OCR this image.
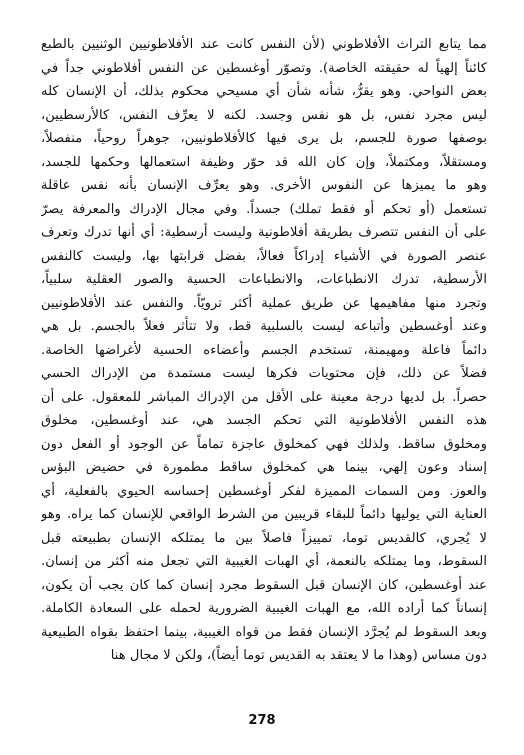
مما يتابع التراث الأفلاطوني (لأن النفس كانت عند الأفلاطونيين الوثنيين بالطبع
كائناً إلهياً له حقيقته الخاصة). وتصوّر أوغسطين عن النفس أفلاطوني جداً في
بعض النواحي. وهو يقرُّ، شأنه شأن أي مسيحي محكوم بذلك، أن الإنسان كله
ليس مجرد نفس، بل هو نفس وجسد. لكنه لا يعرِّف النفس، كالأرسطيين،
بوصفها صورة للجسم، بل يرى فيها كالأفلاطونيين، جوهراً روحياً، منفصلاً،
ومستقلاً، ومكتملاً، وإن كان الله قد حوّر وظيفة استعمالها وحكمها للجسد،
وهو ما يميزها عن النفوس الأخرى. وهو يعرِّف الإنسان بأنه نفس عاقلة
تستعمل (أو تحكم أو فقط تملك) جسداً. وفي مجال الإدراك والمعرفة يصرّ
على أن النفس تتصرف بطريقة أفلاطونية وليست أرسطية: أي أنها تدرك وتعرف
عنصر الصورة في الأشياء إدراكاً فعالاً، بفضل قرابتها بها، وليست كالنفس
الأرسطية، تدرك الانطباعات، والانطباعات الحسية والصور العقلية سلبياً،
وتجرد منها مفاهيمها عن طريق عملية أكثر ترويّاً. والنفس عند الأفلاطونيين
وعند أوغسطين وأتباعه ليست بالسلبية قط، ولا تتأثر فعلاً بالجسم. بل هي
دائماً فاعلة ومهيمنة، تستخدم الجسم وأعضاءه الحسية لأغراضها الخاصة.
فضلاً عن ذلك، فإن محتويات فكرها ليست مستمدة من الإدراك الحسي
حصراً. بل لديها درجة معينة على الأقل من الإدراك المباشر للمعقول. على أن
هذه النفس الأفلاطونية التي تحكم الجسد هي، عند أوغسطين، مخلوق
ومخلوق ساقط. ولذلك فهي كمخلوق عاجزة تماماً عن الوجود أو الفعل دون
إسناد وعون إلهي، بينما هي كمخلوق ساقط مطمورة في حضيض البؤس
والعوز. ومن السمات المميزة لفكر أوغسطين إحساسه الحيوي بالفعلية، أي
العناية التي يوليها دائماً للبقاء قريبين من الشرط الواقعي للإنسان كما يراه. وهو
لا يُجري، كالقديس توما، تمييزاً فاصلاً بين ما يمتلكه الإنسان بطبيعته قبل
السقوط، وما يمتلكه بالنعمة، أي الهبات الغيبية التي تجعل منه أكثر من إنسان.
عند أوغسطين، كان الإنسان قبل السقوط مجرد إنسان كما كان يجب أن يكون،
إنساناً كما أراده الله، مع الهبات الغيبية الضرورية لحمله على السعادة الكاملة.
وبعد السقوط لم يُجرَّد الإنسان فقط من قواه الغيبية، بينما احتفظ بقواه الطبيعية
دون مساس (وهذا ما لا يعتقد به القديس توما أيضاً)، ولكن لا مجال هنا
278
